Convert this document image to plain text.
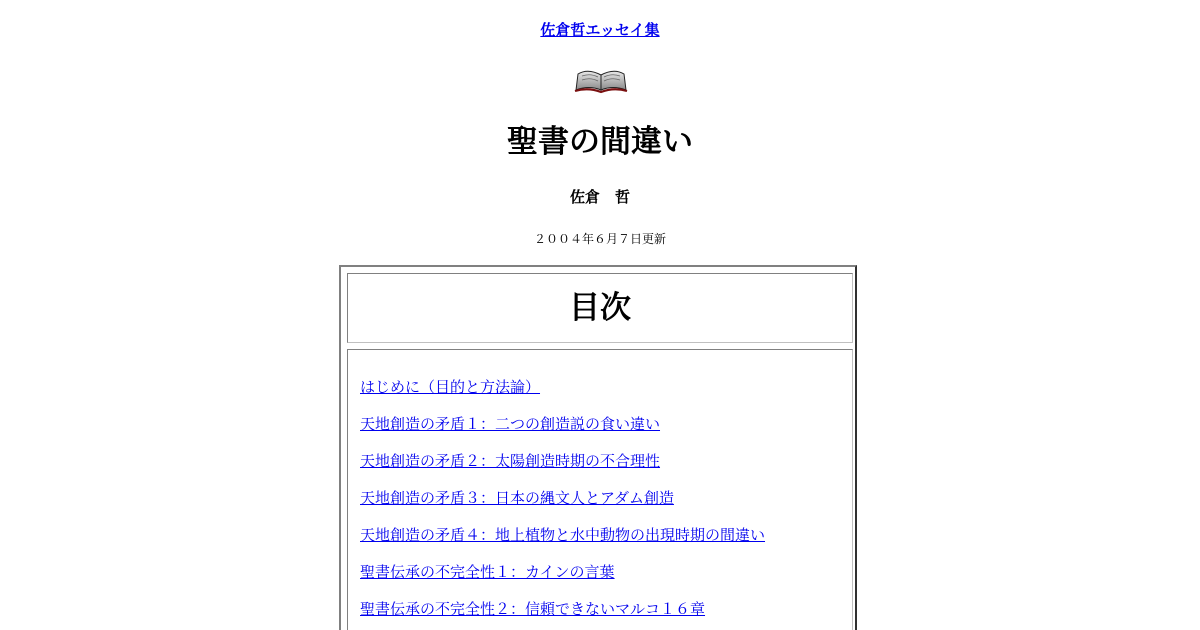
佐倉哲エッセイ集
聖書の間違い
佐倉　哲
２００４年６月７日更新
目次
はじめに（目的と方法論）
天地創造の矛盾１：二つの創造説の食い違い
天地創造の矛盾２：太陽創造時期の不合理性
天地創造の矛盾３：日本の縄文人とアダム創造
天地創造の矛盾４：地上植物と水中動物の出現時期の間違い
聖書伝承の不完全性１：カインの言葉
聖書伝承の不完全性２：信頼できないマルコ１６章
